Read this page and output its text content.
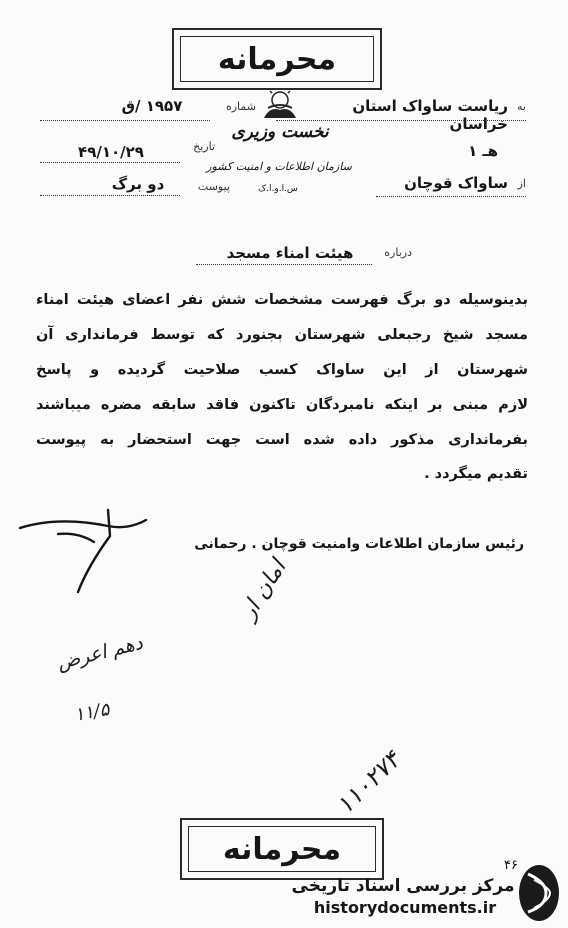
محرمانه
نخست وزیری
سازمان اطلاعات و امنیت کشور
س.ا.و.ا.ک
ریاست ساواک استان خراسان
به
هـ ۱
ساواک قوچان از
شماره
۱۹۵۷ /ق
تاریخ
۴۹/۱۰/۲۹
پیوست
دو برگ
درباره
هیئت امناء مسجد
بدینوسیله دو برگ فهرست مشخصات شش نفر اعضای هیئت امناء
مسجد شیخ رجبعلی شهرستان بجنورد که توسط فرمانداری آن
شهرستان از این ساواک کسب صلاحیت گردیده و پاسخ
لازم مبنی بر اینکه نامبردگان تاکنون فاقد سابقه مضره میباشند
بفرمانداری مذکور داده شده است جهت استحضار به پیوست
تقدیم میگردد .
رئیس سازمان اطلاعات وامنیت قوچان . رحمانی
دهم اعرض
۱۱/۵
امان ار
۱۱۰۲۷۴
محرمانه	۴۶
مرکز بررسی اسناد تاریخی
historydocuments.ir
